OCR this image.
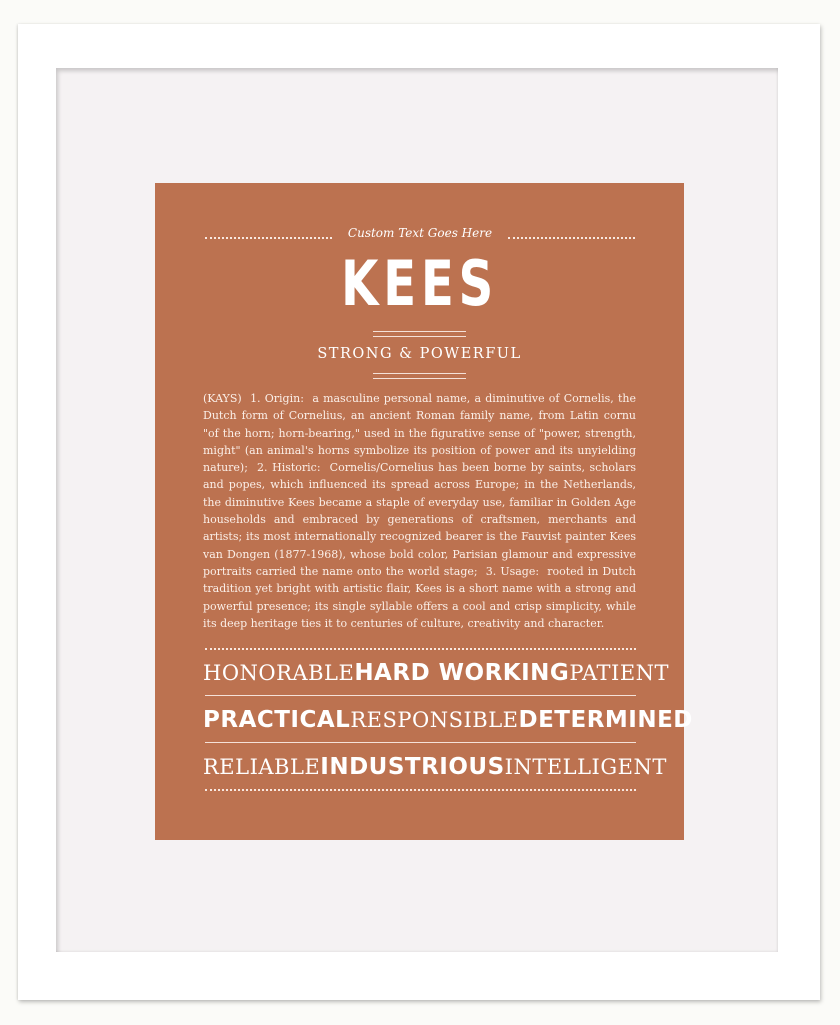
Custom Text Goes Here
KEES
STRONG & POWERFUL
(KAYS) 1. Origin: a masculine personal name, a diminutive of Cornelis, the Dutch form of Cornelius, an ancient Roman family name, from Latin cornu "of the horn; horn-bearing," used in the figurative sense of "power, strength, might" (an animal's horns symbolize its position of power and its unyielding nature); 2. Historic: Cornelis/Cornelius has been borne by saints, scholars and popes, which influenced its spread across Europe; in the Netherlands, the diminutive Kees became a staple of everyday use, familiar in Golden Age households and embraced by generations of craftsmen, merchants and artists; its most internationally recognized bearer is the Fauvist painter Kees van Dongen (1877-1968), whose bold color, Parisian glamour and expressive portraits carried the name onto the world stage; 3. Usage: rooted in Dutch tradition yet bright with artistic flair, Kees is a short name with a strong and powerful presence; its single syllable offers a cool and crisp simplicity, while its deep heritage ties it to centuries of culture, creativity and character.
HONORABLE HARD WORKING PATIENT
PRACTICAL RESPONSIBLE DETERMINED
RELIABLE INDUSTRIOUS INTELLIGENT
